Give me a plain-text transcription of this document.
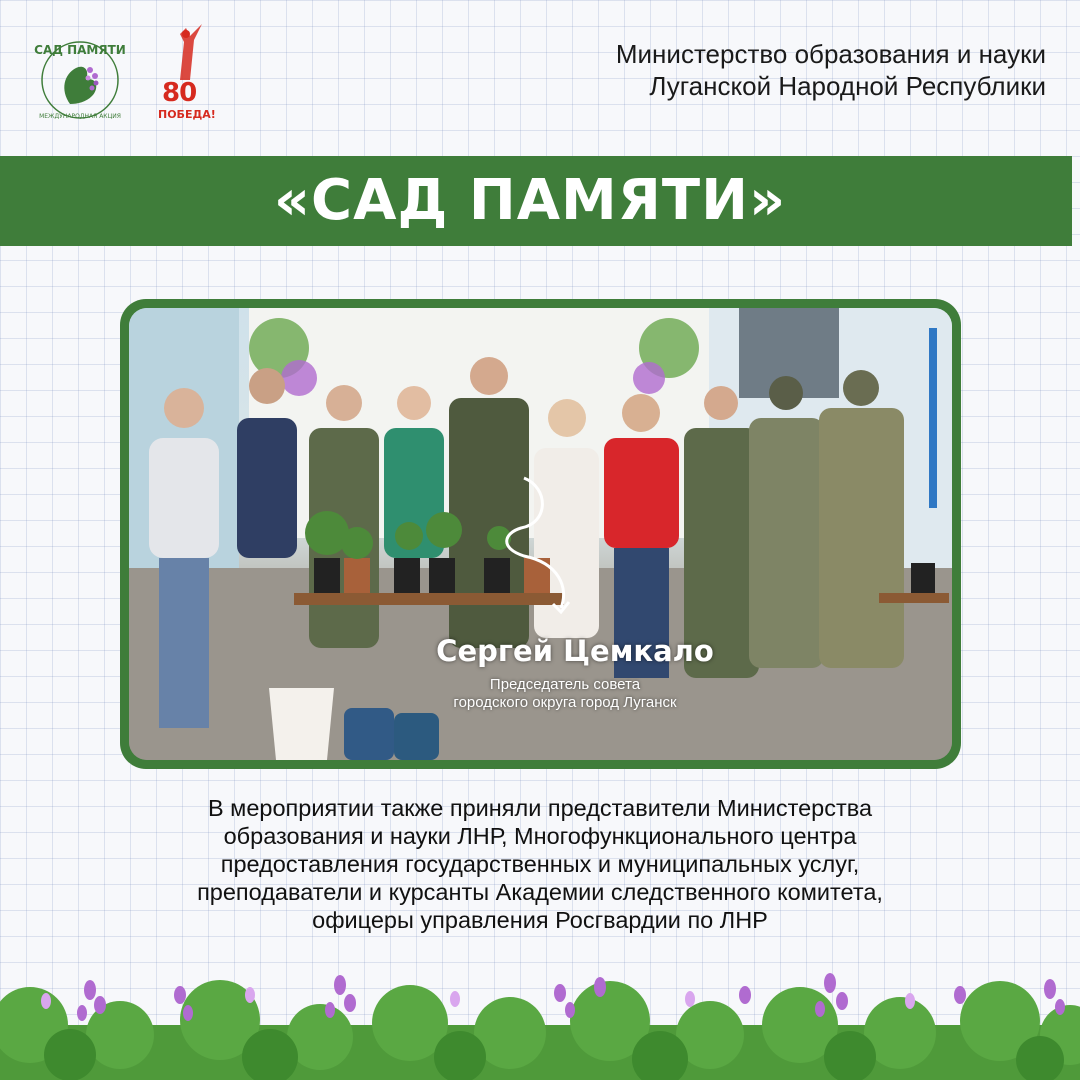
САД ПАМЯТИ
МЕЖДУНАРОДНАЯ АКЦИЯ
80
ПОБЕДА!
Министерство образования и науки
Луганской Народной Республики
«САД ПАМЯТИ»
Сергей Цемкало
Председатель совета
городского округа город Луганск
В мероприятии также приняли представители Министерства
образования и науки ЛНР, Многофункционального центра
предоставления государственных и муниципальных услуг,
преподаватели и курсанты Академии следственного комитета,
офицеры управления Росгвардии по ЛНР
